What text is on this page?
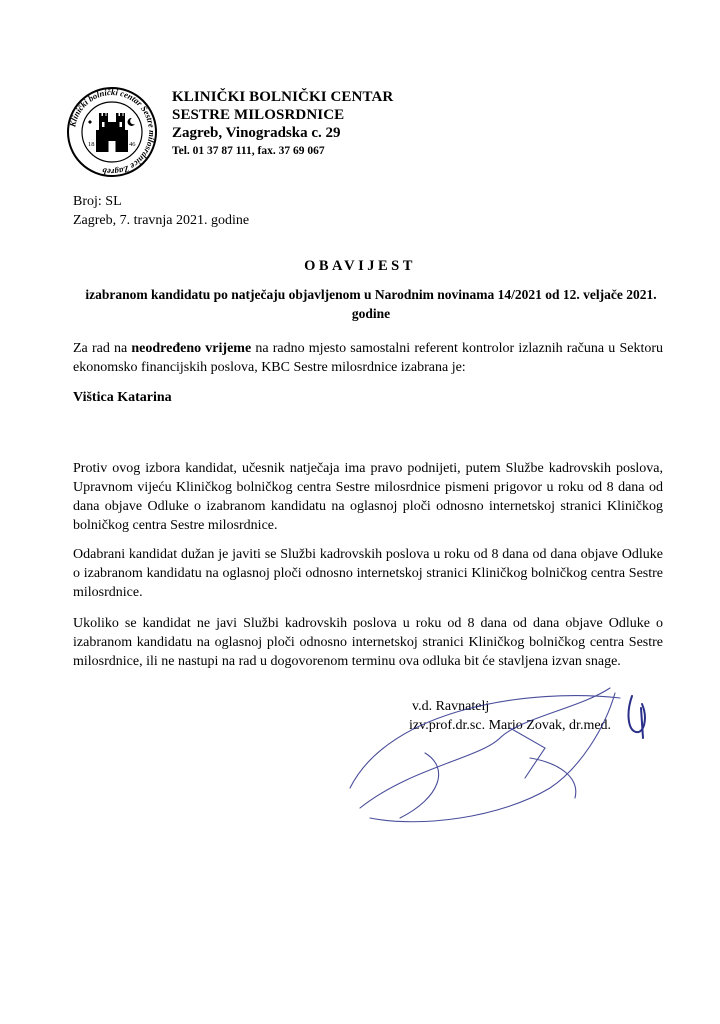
Klinički bolnički centar Sestre milosrdnice Zagreb
18	46
KLINIČKI BOLNIČKI CENTAR
SESTRE MILOSRDNICE
Zagreb, Vinogradska c. 29
Tel. 01 37 87 111, fax. 37 69 067
Broj: SL
Zagreb, 7. travnja 2021. godine
OBAVIJEST
izabranom kandidatu po natječaju objavljenom u Narodnim novinama 14/2021 od 12. veljače 2021. godine
Za rad na neodređeno vrijeme na radno mjesto samostalni referent kontrolor izlaznih računa u Sektoru ekonomsko financijskih poslova, KBC Sestre milosrdnice izabrana je:
Vištica Katarina
Protiv ovog izbora kandidat, učesnik natječaja ima pravo podnijeti, putem Službe kadrovskih poslova, Upravnom vijeću Kliničkog bolničkog centra Sestre milosrdnice pismeni prigovor u roku od 8 dana od dana objave Odluke o izabranom kandidatu na oglasnoj ploči odnosno internetskoj stranici Kliničkog bolničkog centra Sestre milosrdnice.
Odabrani kandidat dužan je javiti se Službi kadrovskih poslova u roku od 8 dana od dana objave Odluke o izabranom kandidatu na oglasnoj ploči odnosno internetskoj stranici Kliničkog bolničkog centra Sestre milosrdnice.
Ukoliko se kandidat ne javi Službi kadrovskih poslova u roku od 8 dana od dana objave Odluke o izabranom kandidatu na oglasnoj ploči odnosno internetskoj stranici Kliničkog bolničkog centra Sestre milosrdnice, ili ne nastupi na rad u dogovorenom terminu ova odluka bit će stavljena izvan snage.
v.d. Ravnatelj
izv.prof.dr.sc. Mario Zovak, dr.med.
